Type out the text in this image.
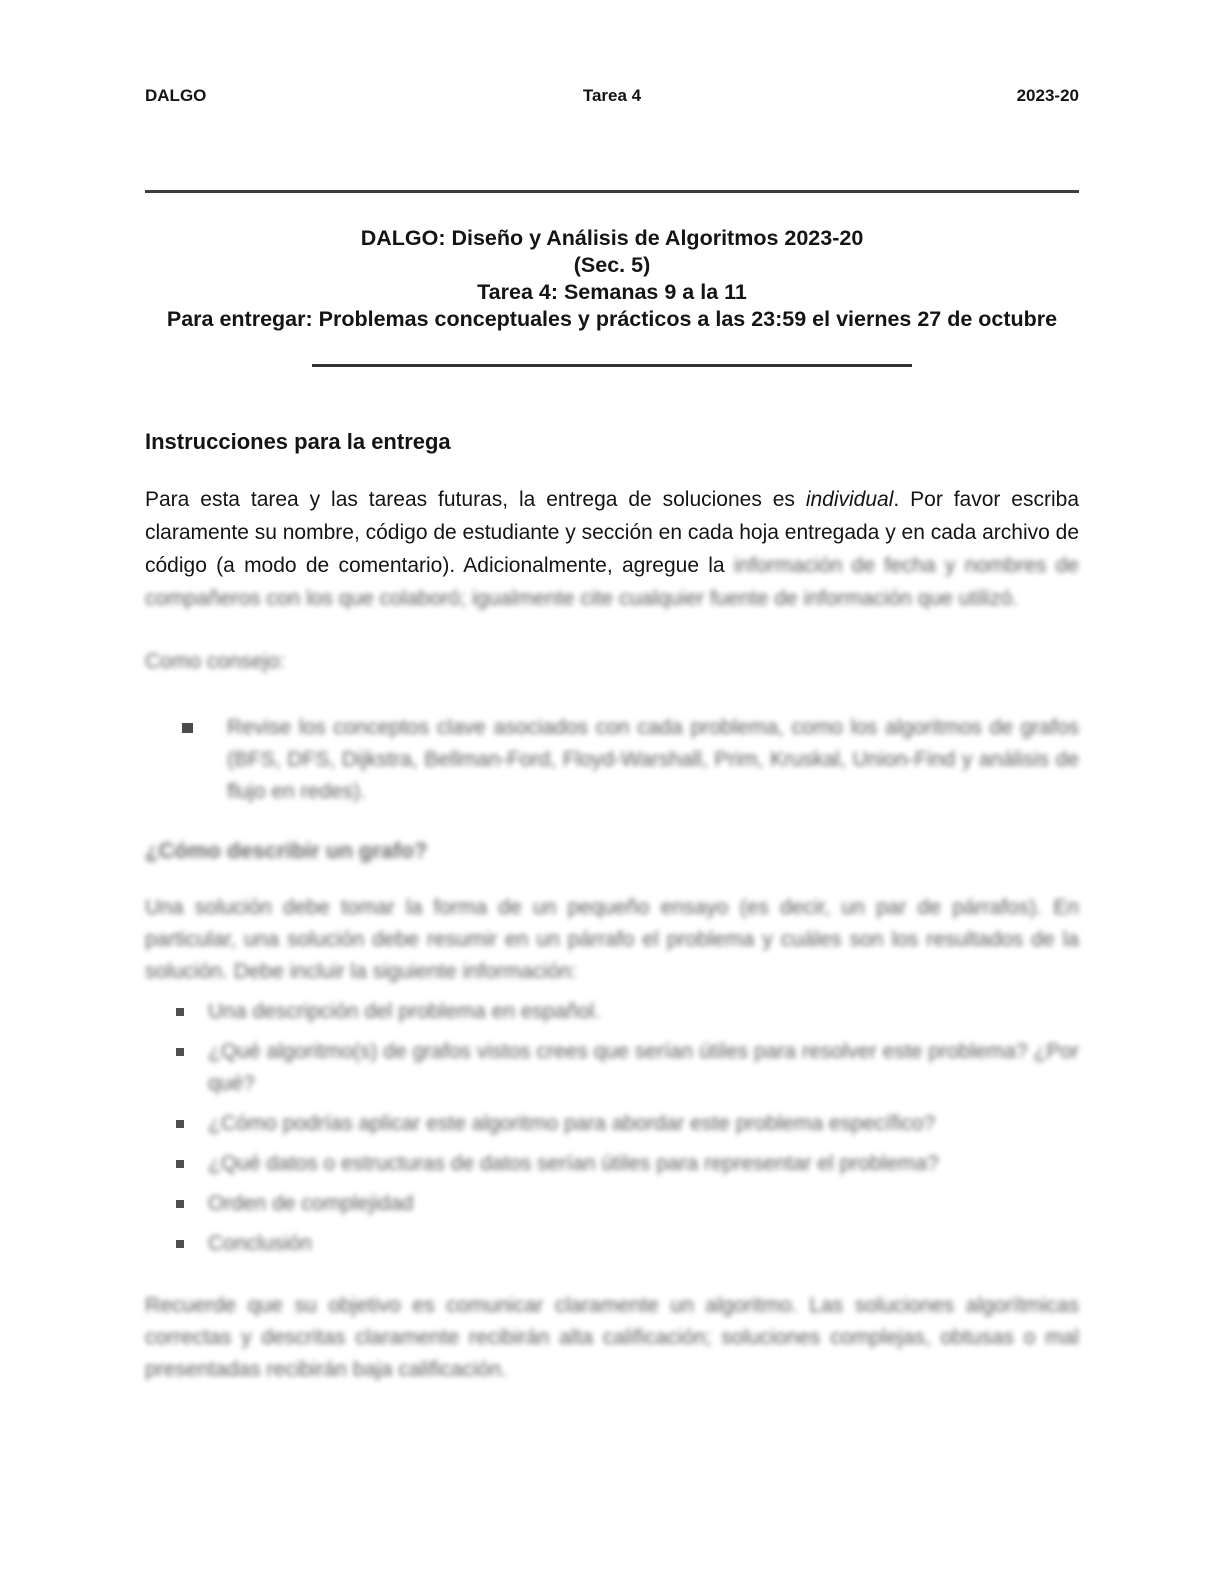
DALGO	Tarea 4	2023-20
DALGO: Diseño y Análisis de Algoritmos 2023-20
(Sec. 5)
Tarea 4: Semanas 9 a la 11
Para entregar: Problemas conceptuales y prácticos a las 23:59 el viernes 27 de octubre
Instrucciones para la entrega

Para esta tarea y las tareas futuras, la entrega de soluciones es individual. Por favor escriba claramente su nombre, código de estudiante y sección en cada hoja entregada y en cada archivo de código (a modo de comentario). Adicionalmente, agregue la información de fecha y nombres de compañeros con los que colaboró; igualmente cite cualquier fuente de información que utilizó.

Como consejo:

Revise los conceptos clave asociados con cada problema, como los algoritmos de grafos (BFS, DFS, Dijkstra, Bellman-Ford, Floyd-Warshall, Prim, Kruskal, Union-Find y análisis de flujo en redes).
¿Cómo describir un grafo?

Una solución debe tomar la forma de un pequeño ensayo (es decir, un par de párrafos). En particular, una solución debe resumir en un párrafo el problema y cuáles son los resultados de la solución. Debe incluir la siguiente información:

Una descripción del problema en español.
¿Qué algoritmo(s) de grafos vistos crees que serían útiles para resolver este problema? ¿Por qué?
¿Cómo podrías aplicar este algoritmo para abordar este problema específico?
¿Qué datos o estructuras de datos serían útiles para representar el problema?
Orden de complejidad
Conclusión

Recuerde que su objetivo es comunicar claramente un algoritmo. Las soluciones algorítmicas correctas y descritas claramente recibirán alta calificación; soluciones complejas, obtusas o mal presentadas recibirán baja calificación.
